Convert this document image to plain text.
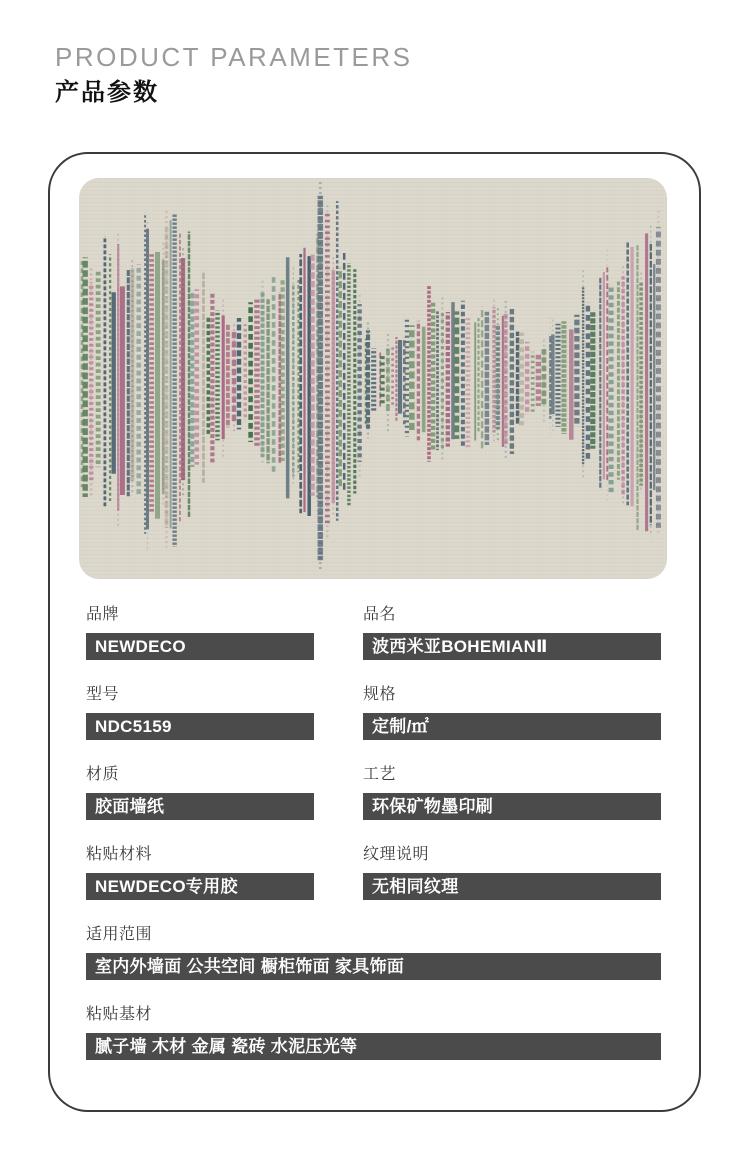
PRODUCT PARAMETERS
产品参数
品牌
NEWDECO
品名
波西米亚BOHEMIANⅡ
型号
NDC5159
规格
定制/㎡
材质
胶面墙纸
工艺
环保矿物墨印刷
粘贴材料
NEWDECO专用胶
纹理说明
无相同纹理
适用范围
室内外墙面 公共空间 橱柜饰面 家具饰面
粘贴基材
腻子墙 木材 金属 瓷砖 水泥压光等
